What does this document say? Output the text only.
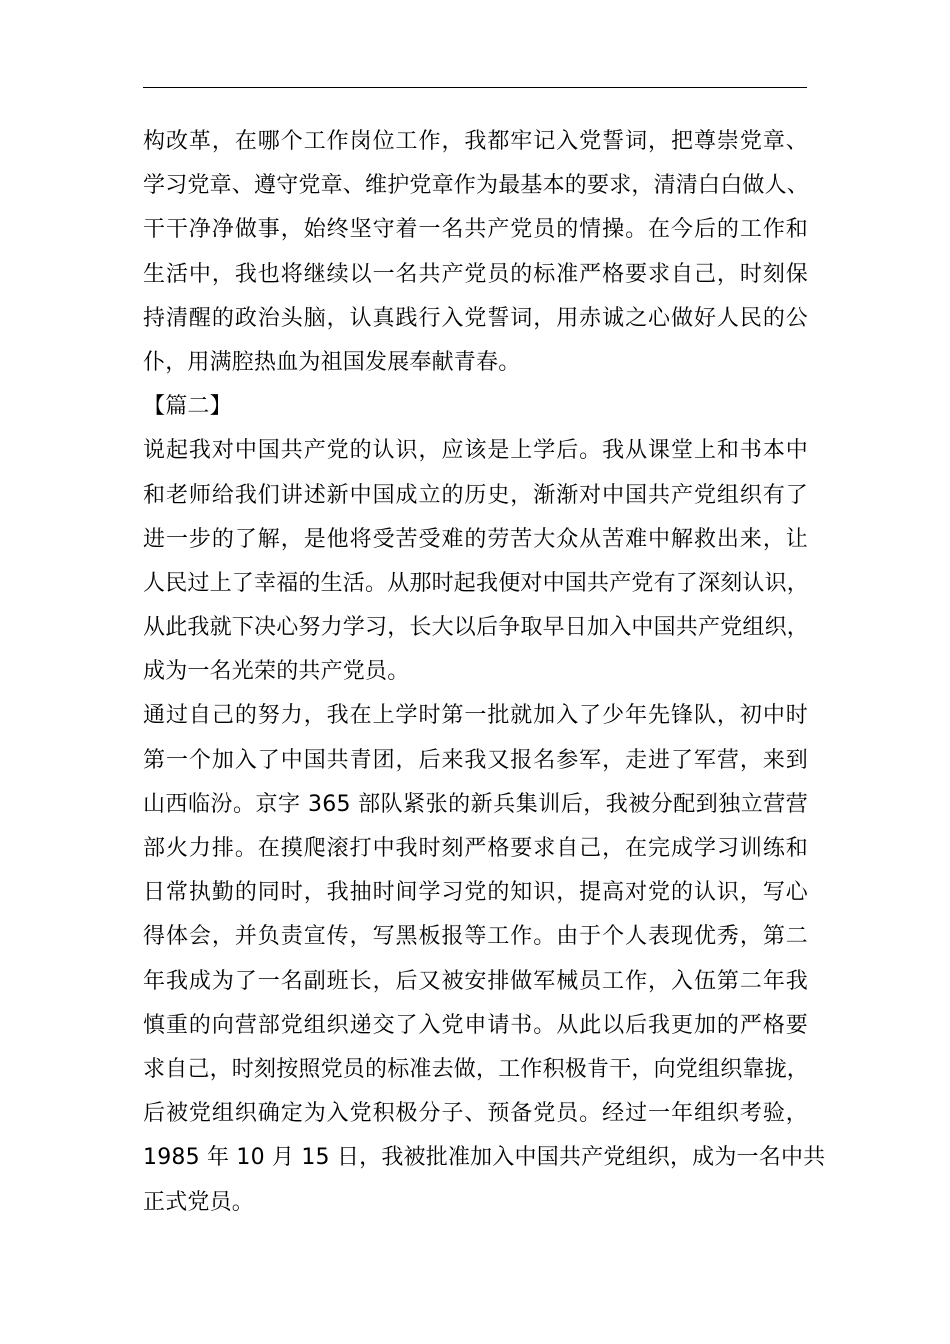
构改革，在哪个工作岗位工作，我都牢记入党誓词，把尊崇党章、
学习党章、遵守党章、维护党章作为最基本的要求，清清白白做人、
干干净净做事，始终坚守着一名共产党员的情操。在今后的工作和
生活中，我也将继续以一名共产党员的标准严格要求自己，时刻保
持清醒的政治头脑，认真践行入党誓词，用赤诚之心做好人民的公
仆，用满腔热血为祖国发展奉献青春。
【篇二】
说起我对中国共产党的认识，应该是上学后。我从课堂上和书本中
和老师给我们讲述新中国成立的历史，渐渐对中国共产党组织有了
进一步的了解，是他将受苦受难的劳苦大众从苦难中解救出来，让
人民过上了幸福的生活。从那时起我便对中国共产党有了深刻认识，
从此我就下决心努力学习，长大以后争取早日加入中国共产党组织，
成为一名光荣的共产党员。
通过自己的努力，我在上学时第一批就加入了少年先锋队，初中时
第一个加入了中国共青团，后来我又报名参军，走进了军营，来到
山西临汾。京字 365 部队紧张的新兵集训后，我被分配到独立营营
部火力排。在摸爬滚打中我时刻严格要求自己，在完成学习训练和
日常执勤的同时，我抽时间学习党的知识，提高对党的认识，写心
得体会，并负责宣传，写黑板报等工作。由于个人表现优秀，第二
年我成为了一名副班长，后又被安排做军械员工作，入伍第二年我
慎重的向营部党组织递交了入党申请书。从此以后我更加的严格要
求自己，时刻按照党员的标准去做，工作积极肯干，向党组织靠拢，
后被党组织确定为入党积极分子、预备党员。经过一年组织考验，
1985 年 10 月 15 日，我被批准加入中国共产党组织，成为一名中共
正式党员。
